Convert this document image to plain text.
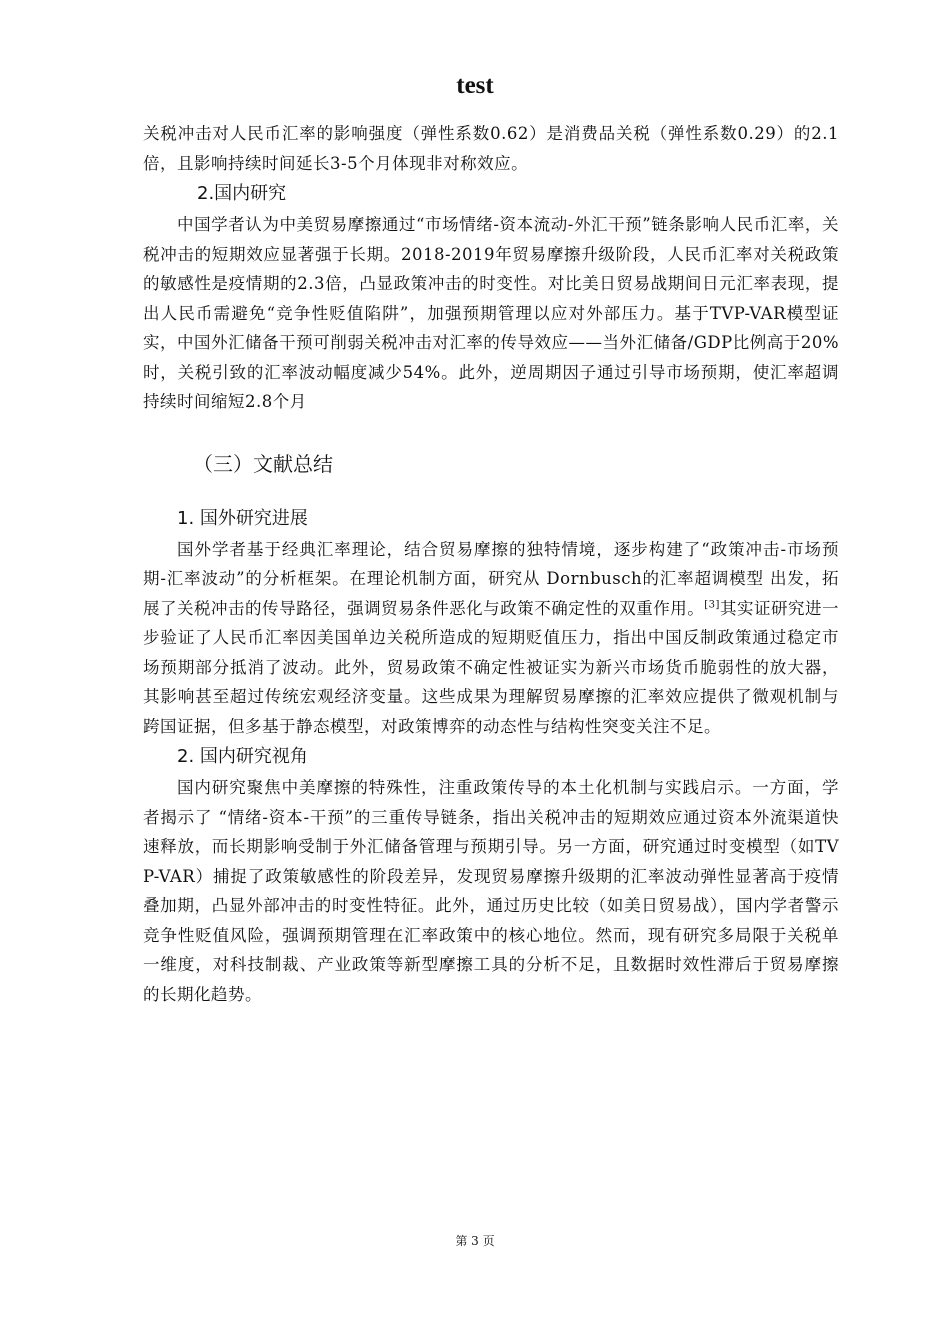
test

关税冲击对人民币汇率的影响强度（弹性系数0.62）是消费品关税（弹性系数0.29）的2.1倍，且影响持续时间延长3-5个月体现非对称效应。

2.国内研究

中国学者认为中美贸易摩擦通过“市场情绪-资本流动-外汇干预”链条影响人民币汇率，关税冲击的短期效应显著强于长期。2018-2019年贸易摩擦升级阶段，人民币汇率对关税政策的敏感性是疫情期的2.3倍，凸显政策冲击的时变性。对比美日贸易战期间日元汇率表现，提出人民币需避免“竞争性贬值陷阱”，加强预期管理以应对外部压力。基于TVP-VAR模型证实，中国外汇储备干预可削弱关税冲击对汇率的传导效应——当外汇储备/GDP比例高于20%时，关税引致的汇率波动幅度减少54%。此外，逆周期因子通过引导市场预期，使汇率超调持续时间缩短2.8个月

（三）文献总结

1. 国外研究进展

国外学者基于经典汇率理论，结合贸易摩擦的独特情境，逐步构建了“政策冲击-市场预期-汇率波动”的分析框架。在理论机制方面，研究从 Dornbusch的汇率超调模型 出发，拓展了关税冲击的传导路径，强调贸易条件恶化与政策不确定性的双重作用。[3]其实证研究进一步验证了人民币汇率因美国单边关税所造成的短期贬值压力，指出中国反制政策通过稳定市场预期部分抵消了波动。此外，贸易政策不确定性被证实为新兴市场货币脆弱性的放大器，其影响甚至超过传统宏观经济变量。这些成果为理解贸易摩擦的汇率效应提供了微观机制与跨国证据，但多基于静态模型，对政策博弈的动态性与结构性突变关注不足。

2. 国内研究视角

国内研究聚焦中美摩擦的特殊性，注重政策传导的本土化机制与实践启示。一方面，学者揭示了 “情绪-资本-干预”的三重传导链条，指出关税冲击的短期效应通过资本外流渠道快速释放，而长期影响受制于外汇储备管理与预期引导。另一方面，研究通过时变模型（如TVP-VAR）捕捉了政策敏感性的阶段差异，发现贸易摩擦升级期的汇率波动弹性显著高于疫情叠加期，凸显外部冲击的时变性特征。此外，通过历史比较（如美日贸易战），国内学者警示竞争性贬值风险，强调预期管理在汇率政策中的核心地位。然而，现有研究多局限于关税单一维度，对科技制裁、产业政策等新型摩擦工具的分析不足，且数据时效性滞后于贸易摩擦的长期化趋势。

第 3 页
